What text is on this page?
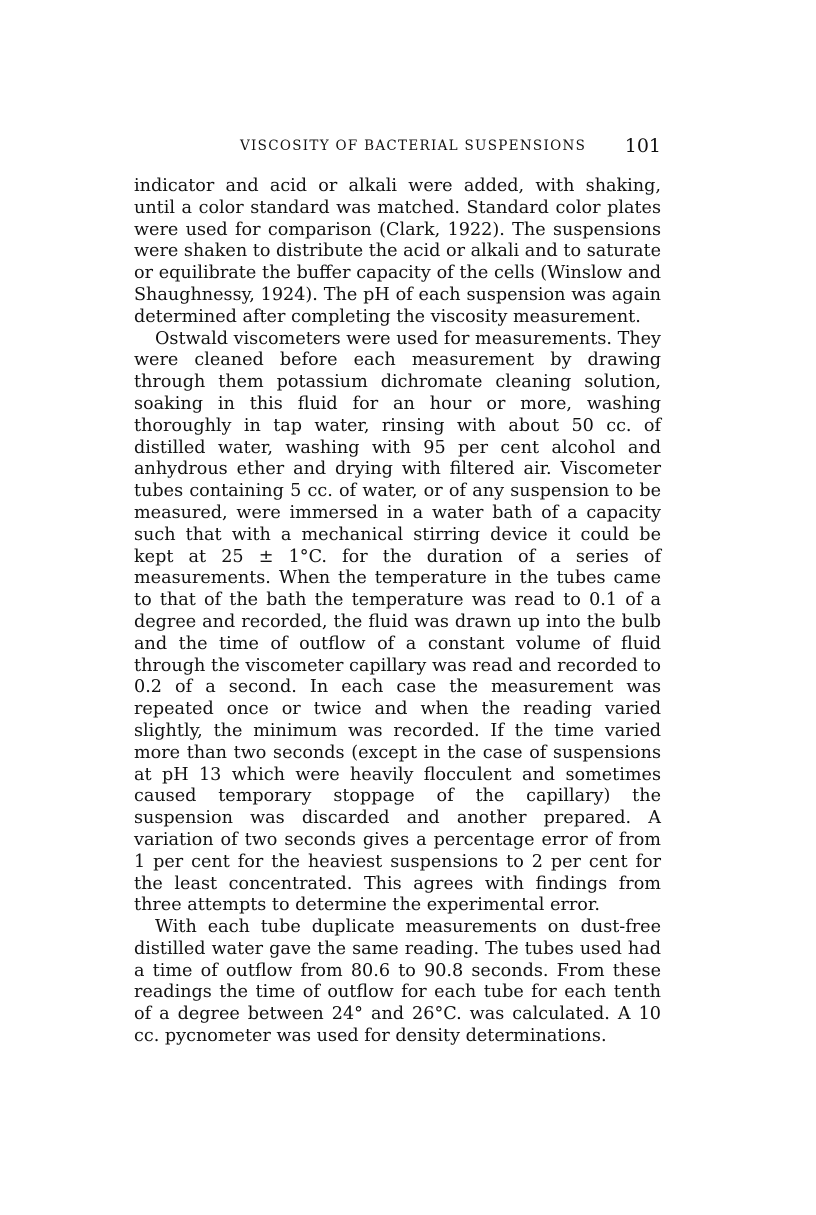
VISCOSITY OF BACTERIAL SUSPENSIONS 101

indicator and acid or alkali were added, with shaking, until a color standard was matched. Standard color plates were used for comparison (Clark, 1922). The suspensions were shaken to distribute the acid or alkali and to saturate or equilibrate the buffer capacity of the cells (Winslow and Shaughnessy, 1924). The pH of each suspension was again determined after completing the viscosity measurement.

Ostwald viscometers were used for measurements. They were cleaned before each measurement by drawing through them potassium dichromate cleaning solution, soaking in this fluid for an hour or more, washing thoroughly in tap water, rinsing with about 50 cc. of distilled water, washing with 95 per cent alcohol and anhydrous ether and drying with filtered air. Viscometer tubes containing 5 cc. of water, or of any suspension to be measured, were immersed in a water bath of a capacity such that with a mechanical stirring device it could be kept at 25 ± 1°C. for the duration of a series of measurements. When the temperature in the tubes came to that of the bath the temperature was read to 0.1 of a degree and recorded, the fluid was drawn up into the bulb and the time of outflow of a constant volume of fluid through the viscometer capillary was read and recorded to 0.2 of a second. In each case the measurement was repeated once or twice and when the reading varied slightly, the minimum was recorded. If the time varied more than two seconds (except in the case of suspensions at pH 13 which were heavily flocculent and sometimes caused temporary stoppage of the capillary) the suspension was discarded and another prepared. A variation of two seconds gives a percentage error of from 1 per cent for the heaviest suspensions to 2 per cent for the least concentrated. This agrees with findings from three attempts to determine the experimental error.

With each tube duplicate measurements on dust-free distilled water gave the same reading. The tubes used had a time of outflow from 80.6 to 90.8 seconds. From these readings the time of outflow for each tube for each tenth of a degree between 24° and 26°C. was calculated. A 10 cc. pycnometer was used for density determinations.
